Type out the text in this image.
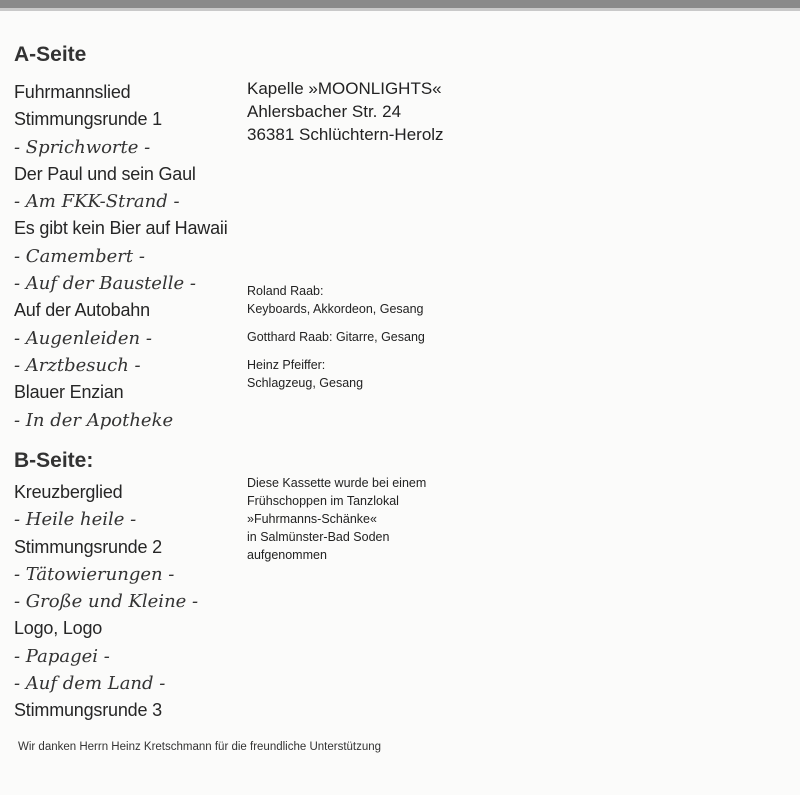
A-Seite
Fuhrmannslied
Stimmungsrunde 1
- Sprichworte -
Der Paul und sein Gaul
- Am FKK-Strand -
Es gibt kein Bier auf Hawaii
- Camembert -
- Auf der Baustelle -
Auf der Autobahn
- Augenleiden -
- Arztbesuch -
Blauer Enzian
- In der Apotheke
B-Seite:
Kreuzberglied
- Heile heile -
Stimmungsrunde 2
- Tätowierungen -
- Große und Kleine -
Logo, Logo
- Papagei -
- Auf dem Land -
Stimmungsrunde 3
Kapelle »MOONLIGHTS«
Ahlersbacher Str. 24
36381 Schlüchtern-Herolz
Roland Raab:
Keyboards, Akkordeon, Gesang
Gotthard Raab: Gitarre, Gesang
Heinz Pfeiffer:
Schlagzeug, Gesang
Diese Kassette wurde bei einem
Frühschoppen im Tanzlokal
»Fuhrmanns-Schänke«
in Salmünster-Bad Soden
aufgenommen
Wir danken Herrn Heinz Kretschmann für die freundliche Unterstützung
